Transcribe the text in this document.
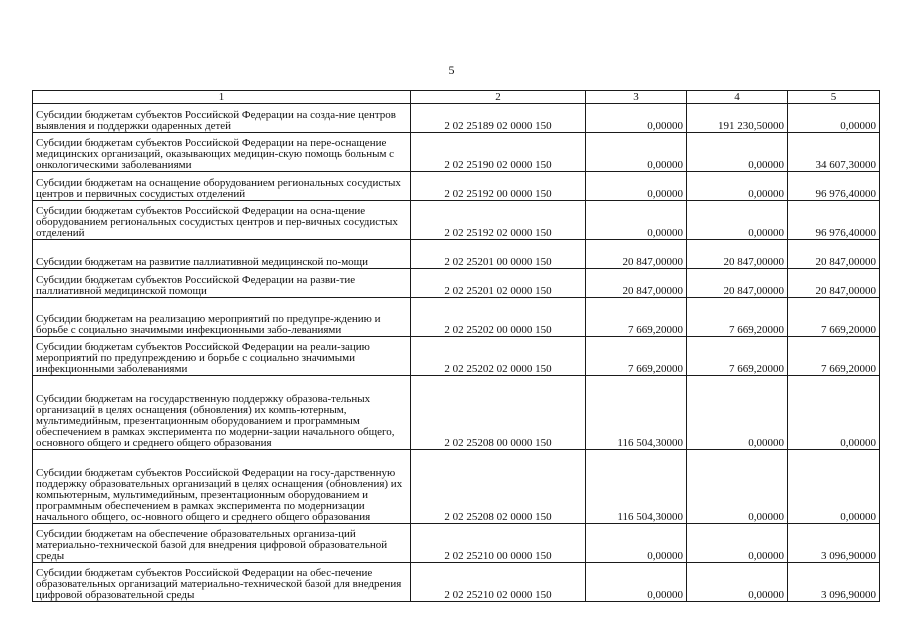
5
1	2	3	4	5
Субсидии бюджетам субъектов Российской Федерации на созда-ние центров выявления и поддержки одаренных детей	2 02 25189 02 0000 150	0,00000	191 230,50000	0,00000
Субсидии бюджетам субъектов Российской Федерации на пере-оснащение медицинских организаций, оказывающих медицин-скую помощь больным с онкологическими заболеваниями	2 02 25190 02 0000 150	0,00000	0,00000	34 607,30000
Субсидии бюджетам на оснащение оборудованием региональных сосудистых центров и первичных сосудистых отделений	2 02 25192 00 0000 150	0,00000	0,00000	96 976,40000
Субсидии бюджетам субъектов Российской Федерации на осна-щение оборудованием региональных сосудистых центров и пер-вичных сосудистых отделений	2 02 25192 02 0000 150	0,00000	0,00000	96 976,40000
Субсидии бюджетам на развитие паллиативной медицинской по-мощи	2 02 25201 00 0000 150	20 847,00000	20 847,00000	20 847,00000
Субсидии бюджетам субъектов Российской Федерации на разви-тие паллиативной медицинской помощи	2 02 25201 02 0000 150	20 847,00000	20 847,00000	20 847,00000
Субсидии бюджетам на реализацию мероприятий по предупре-ждению и борьбе с социально значимыми инфекционными забо-леваниями	2 02 25202 00 0000 150	7 669,20000	7 669,20000	7 669,20000
Субсидии бюджетам субъектов Российской Федерации на реали-зацию мероприятий по предупреждению и борьбе с социально значимыми инфекционными заболеваниями	2 02 25202 02 0000 150	7 669,20000	7 669,20000	7 669,20000
Субсидии бюджетам на государственную поддержку образова-тельных организаций в целях оснащения (обновления) их компь-ютерным, мультимедийным, презентационным оборудованием и программным обеспечением в рамках эксперимента по модерни-зации начального общего, основного общего и среднего общего образования	2 02 25208 00 0000 150	116 504,30000	0,00000	0,00000
Субсидии бюджетам субъектов Российской Федерации на госу-дарственную поддержку образовательных организаций в целях оснащения (обновления) их компьютерным, мультимедийным, презентационным оборудованием и программным обеспечением в рамках эксперимента по модернизации начального общего, ос-новного общего и среднего общего образования	2 02 25208 02 0000 150	116 504,30000	0,00000	0,00000
Субсидии бюджетам на обеспечение образовательных организа-ций материально-технической базой для внедрения цифровой образовательной среды	2 02 25210 00 0000 150	0,00000	0,00000	3 096,90000
Субсидии бюджетам субъектов Российской Федерации на обес-печение образовательных организаций материально-технической базой для внедрения цифровой образовательной среды	2 02 25210 02 0000 150	0,00000	0,00000	3 096,90000
